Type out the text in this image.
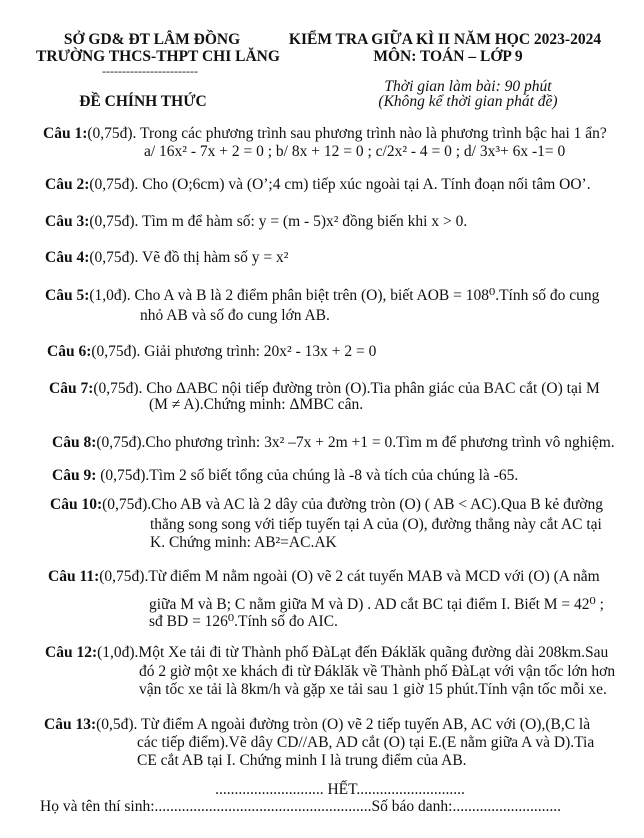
SỞ GD& ĐT LÂM ĐỒNG
TRƯỜNG THCS-THPT CHI LĂNG
------------------------
KIỂM TRA GIỮA KÌ II NĂM HỌC 2023-2024
MÔN: TOÁN – LỚP 9
Thời gian làm bài: 90 phút
(Không kể thời gian phát đề)
ĐỀ CHÍNH THỨC
Câu 1:(0,75đ). Trong các phương trình sau phương trình nào là phương trình bậc hai 1 ẩn?
a/ 16x² - 7x + 2 = 0 ; b/ 8x + 12 = 0 ; c/2x² - 4 = 0 ; d/ 3x³+ 6x -1= 0
Câu 2:(0,75đ). Cho (O;6cm) và (O’;4 cm) tiếp xúc ngoài tại A. Tính đoạn nối tâm OO’.
Câu 3:(0,75đ). Tìm m để hàm số: y = (m - 5)x² đồng biến khi x > 0.
Câu 4:(0,75đ). Vẽ đồ thị hàm số y = x²
Câu 5:(1,0đ). Cho A và B là 2 điểm phân biệt trên (O), biết AOB = 108⁰.Tính số đo cung
nhỏ AB và số đo cung lớn AB.
Câu 6:(0,75đ). Giải phương trình: 20x² - 13x + 2 = 0
Câu 7:(0,75đ). Cho ΔABC nội tiếp đường tròn (O).Tia phân giác của BAC cắt (O) tại M
(M ≠ A).Chứng minh: ΔMBC cân.
Câu 8:(0,75đ).Cho phương trình: 3x² –7x + 2m +1 = 0.Tìm m để phương trình vô nghiệm.
Câu 9: (0,75đ).Tìm 2 số biết tổng của chúng là -8 và tích của chúng là -65.
Câu 10:(0,75đ).Cho AB và AC là 2 dây của đường tròn (O) ( AB < AC).Qua B kẻ đường
thẳng song song với tiếp tuyến tại A của (O), đường thẳng này cắt AC tại
K. Chứng minh: AB²=AC.AK
Câu 11:(0,75đ).Từ điểm M nằm ngoài (O) vẽ 2 cát tuyến MAB và MCD với (O) (A nằm
giữa M và B; C nằm giữa M và D) . AD cắt BC tại điểm I. Biết M = 42⁰ ;
sđ BD = 126⁰.Tính số đo AIC.
Câu 12:(1,0đ).Một Xe tải đi từ Thành phố ĐàLạt đến Đáklăk quãng đường dài 208km.Sau
đó 2 giờ một xe khách đi từ Đáklăk về Thành phố ĐàLạt với vận tốc lớn hơn
vận tốc xe tải là 8km/h và gặp xe tải sau 1 giờ 15 phút.Tính vận tốc mỗi xe.
Câu 13:(0,5đ). Từ điểm A ngoài đường tròn (O) vẽ 2 tiếp tuyến AB, AC với (O),(B,C là
các tiếp điểm).Vẽ dây CD//AB, AD cắt (O) tại E.(E nằm giữa A và D).Tia
CE cắt AB tại I. Chứng minh I là trung điểm của AB.
............................ HẾT............................
Họ và tên thí sinh:........................................................Số báo danh:............................
